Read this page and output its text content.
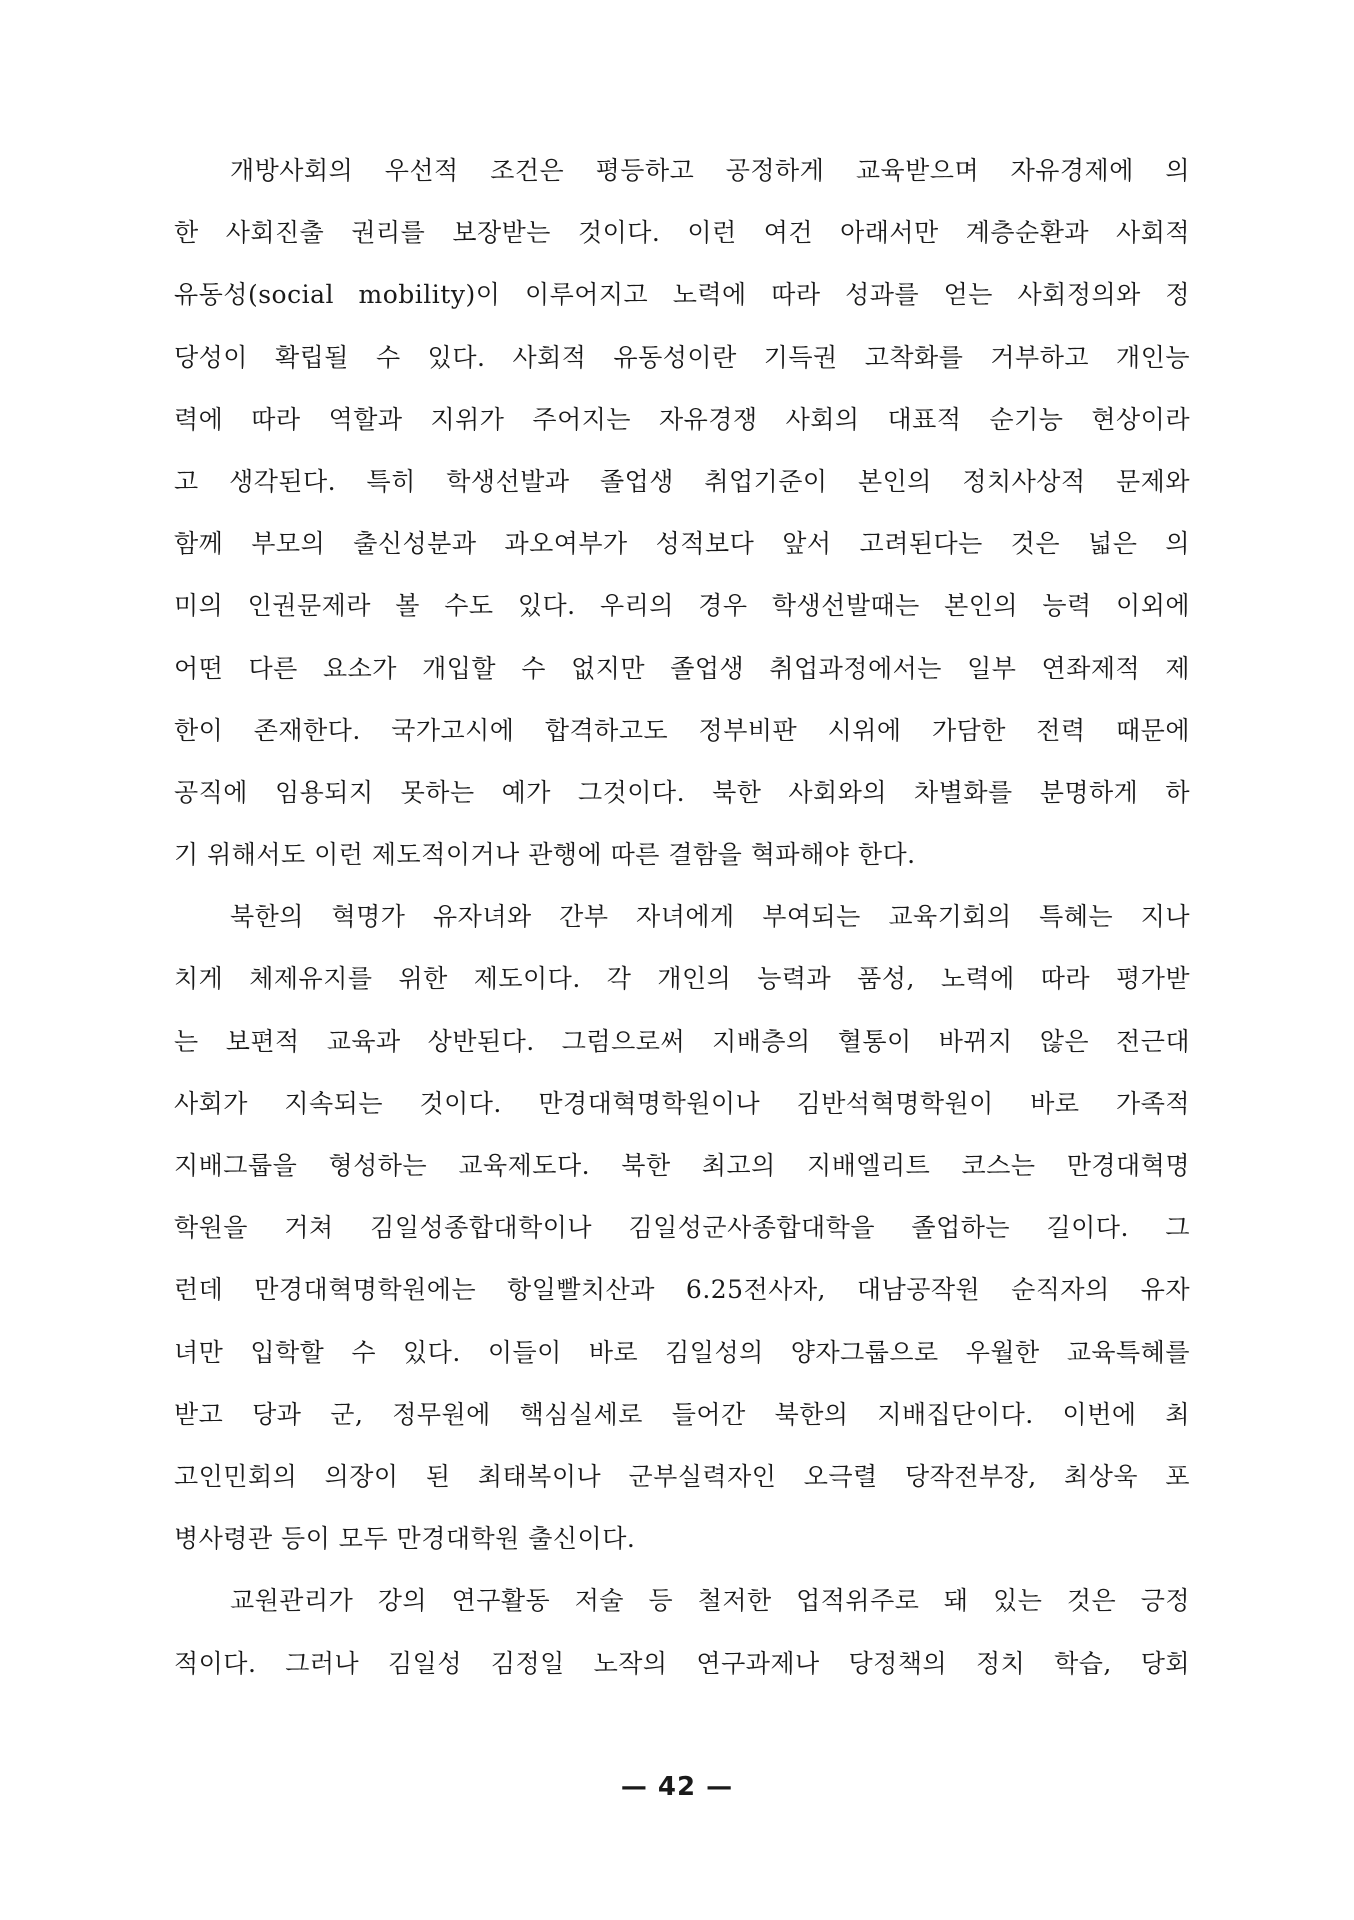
개방사회의 우선적 조건은 평등하고 공정하게 교육받으며 자유경제에 의
한 사회진출 권리를 보장받는 것이다. 이런 여건 아래서만 계층순환과 사회적
유동성(social mobility)이 이루어지고 노력에 따라 성과를 얻는 사회정의와 정
당성이 확립될 수 있다. 사회적 유동성이란 기득권 고착화를 거부하고 개인능
력에 따라 역할과 지위가 주어지는 자유경쟁 사회의 대표적 순기능 현상이라
고 생각된다. 특히 학생선발과 졸업생 취업기준이 본인의 정치사상적 문제와
함께 부모의 출신성분과 과오여부가 성적보다 앞서 고려된다는 것은 넓은 의
미의 인권문제라 볼 수도 있다. 우리의 경우 학생선발때는 본인의 능력 이외에
어떤 다른 요소가 개입할 수 없지만 졸업생 취업과정에서는 일부 연좌제적 제
한이 존재한다. 국가고시에 합격하고도 정부비판 시위에 가담한 전력 때문에
공직에 임용되지 못하는 예가 그것이다. 북한 사회와의 차별화를 분명하게 하
기 위해서도 이런 제도적이거나 관행에 따른 결함을 혁파해야 한다.
북한의 혁명가 유자녀와 간부 자녀에게 부여되는 교육기회의 특혜는 지나
치게 체제유지를 위한 제도이다. 각 개인의 능력과 품성, 노력에 따라 평가받
는 보편적 교육과 상반된다. 그럼으로써 지배층의 혈통이 바뀌지 않은 전근대
사회가 지속되는 것이다. 만경대혁명학원이나 김반석혁명학원이 바로 가족적
지배그룹을 형성하는 교육제도다. 북한 최고의 지배엘리트 코스는 만경대혁명
학원을 거쳐 김일성종합대학이나 김일성군사종합대학을 졸업하는 길이다. 그
런데 만경대혁명학원에는 항일빨치산과 6.25전사자, 대남공작원 순직자의 유자
녀만 입학할 수 있다. 이들이 바로 김일성의 양자그룹으로 우월한 교육특혜를
받고 당과 군, 정무원에 핵심실세로 들어간 북한의 지배집단이다. 이번에 최
고인민회의 의장이 된 최태복이나 군부실력자인 오극렬 당작전부장, 최상욱 포
병사령관 등이 모두 만경대학원 출신이다.
교원관리가 강의 연구활동 저술 등 철저한 업적위주로 돼 있는 것은 긍정
적이다. 그러나 김일성 김정일 노작의 연구과제나 당정책의 정치 학습, 당회
— 42 —
